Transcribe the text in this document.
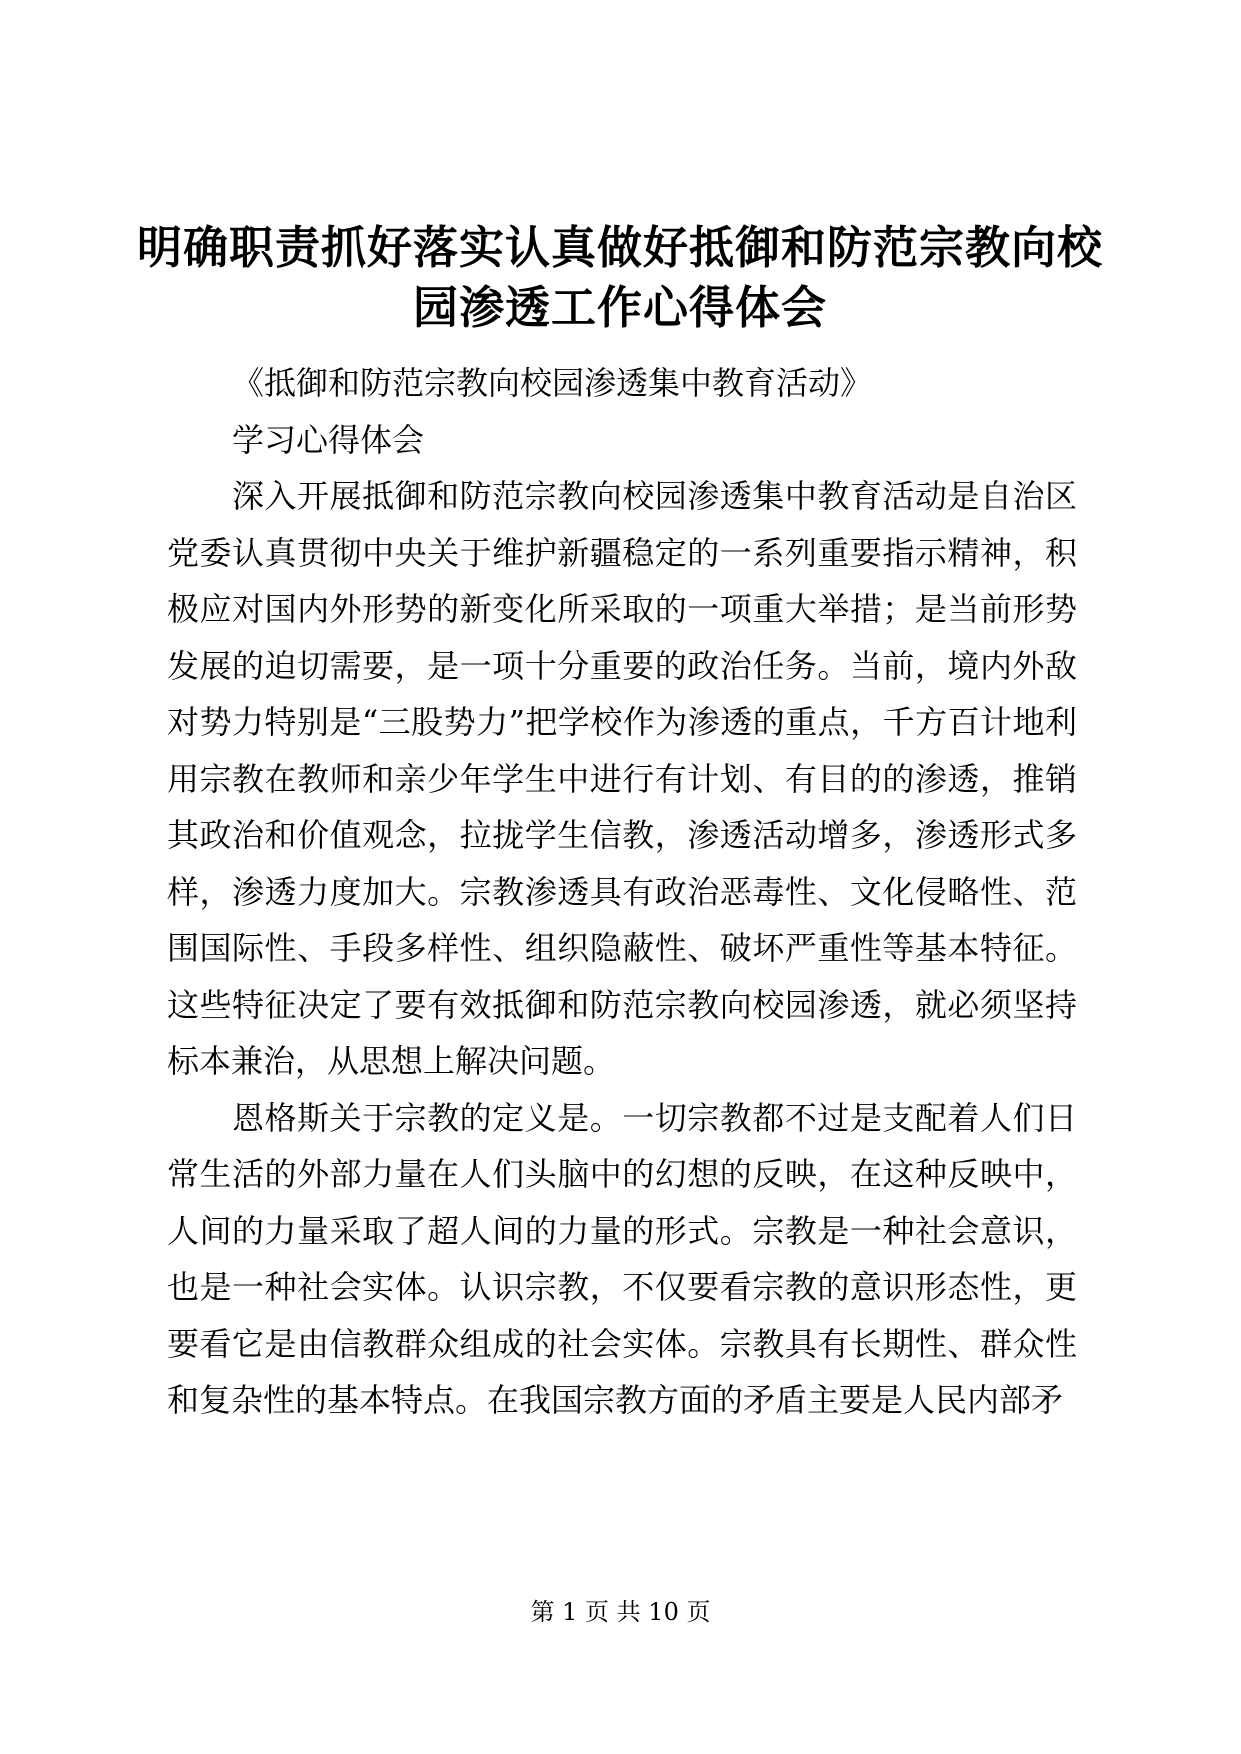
明确职责抓好落实认真做好抵御和防范宗教向校园渗透工作心得体会

《抵御和防范宗教向校园渗透集中教育活动》

学习心得体会

深入开展抵御和防范宗教向校园渗透集中教育活动是自治区党委认真贯彻中央关于维护新疆稳定的一系列重要指示精神，积极应对国内外形势的新变化所采取的一项重大举措；是当前形势发展的迫切需要，是一项十分重要的政治任务。当前，境内外敌对势力特别是“三股势力”把学校作为渗透的重点，千方百计地利用宗教在教师和亲少年学生中进行有计划、有目的的渗透，推销其政治和价值观念，拉拢学生信教，渗透活动增多，渗透形式多样，渗透力度加大。宗教渗透具有政治恶毒性、文化侵略性、范围国际性、手段多样性、组织隐蔽性、破坏严重性等基本特征。这些特征决定了要有效抵御和防范宗教向校园渗透，就必须坚持标本兼治，从思想上解决问题。

恩格斯关于宗教的定义是。一切宗教都不过是支配着人们日常生活的外部力量在人们头脑中的幻想的反映，在这种反映中，人间的力量采取了超人间的力量的形式。宗教是一种社会意识，也是一种社会实体。认识宗教，不仅要看宗教的意识形态性，更要看它是由信教群众组成的社会实体。宗教具有长期性、群众性和复杂性的基本特点。在我国宗教方面的矛盾主要是人民内部矛

第 1 页 共 10 页
